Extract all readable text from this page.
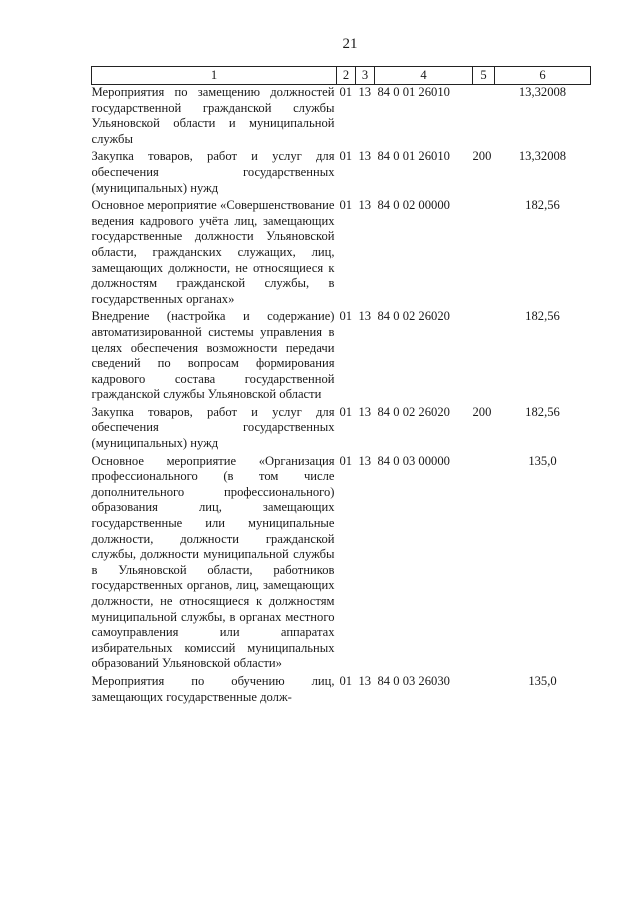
21
1	2	3	4	5	6
Мероприятия по замещению должностей государственной гражданской службы Ульяновской области и муниципальной службы	01	13	84 0 01 26010		13,32008
Закупка товаров, работ и услуг для обеспечения государственных (муниципальных) нужд	01	13	84 0 01 26010	200	13,32008
Основное мероприятие «Совершенствование ведения кадрового учёта лиц, замещающих государственные должности Ульяновской области, гражданских служащих, лиц, замещающих должности, не относящиеся к должностям гражданской службы, в государственных органах»	01	13	84 0 02 00000		182,56
Внедрение (настройка и содержание) автоматизированной системы управления в целях обеспечения возможности передачи сведений по вопросам формирования кадрового состава государственной гражданской службы Ульяновской области	01	13	84 0 02 26020		182,56
Закупка товаров, работ и услуг для обеспечения государственных (муниципальных) нужд	01	13	84 0 02 26020	200	182,56
Основное мероприятие «Организация профессионального (в том числе дополнительного профессионального) образования лиц, замещающих государственные или муниципальные должности, должности гражданской службы, должности муниципальной службы в Ульяновской области, работников государственных органов, лиц, замещающих должности, не относящиеся к должностям муниципальной службы, в органах местного самоуправления или аппаратах избирательных комиссий муниципальных образований Ульяновской области»	01	13	84 0 03 00000		135,0
Мероприятия по обучению лиц, замещающих государственные долж-	01	13	84 0 03 26030		135,0
